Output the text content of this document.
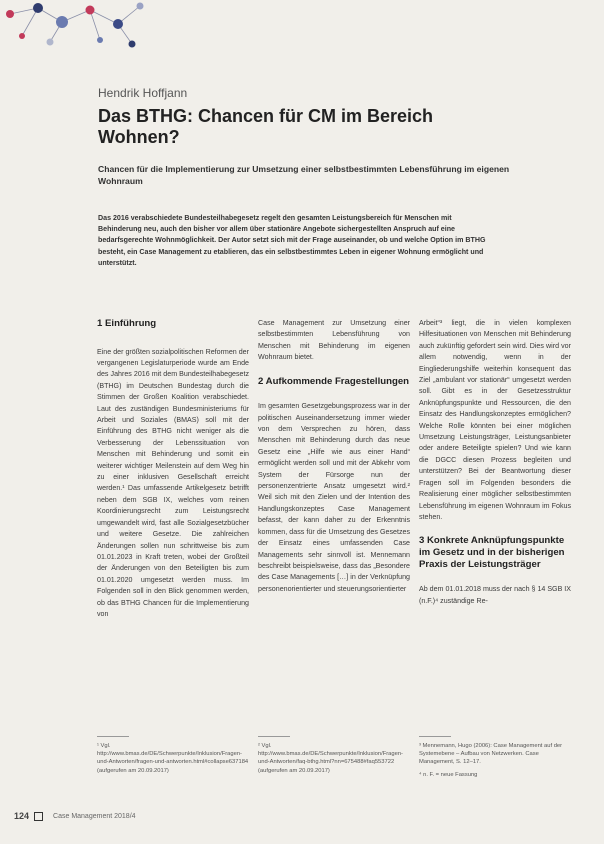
Hendrik Hoffjann
Das BTHG: Chancen für CM im Bereich Wohnen?

Chancen für die Implementierung zur Umsetzung einer selbstbestimmten Lebensführung im eigenen Wohnraum

Das 2016 verabschiedete Bundesteilhabegesetz regelt den gesamten Leistungsbereich für Menschen mit Behinderung neu, auch den bisher vor allem über stationäre Angebote sichergestellten Anspruch auf eine bedarfsgerechte Wohnmöglichkeit. Der Autor setzt sich mit der Frage auseinander, ob und welche Option im BTHG besteht, ein Case Management zu etablieren, das ein selbstbestimmtes Leben in eigener Wohnung ermöglicht und unterstützt.

1 Einführung

Eine der größten sozialpolitischen Reformen der vergangenen Legislaturperiode wurde am Ende des Jahres 2016 mit dem Bundesteilhabegesetz (BTHG) im Deutschen Bundestag durch die Stimmen der Großen Koalition verabschiedet. Laut des zuständigen Bundesministeriums für Arbeit und Soziales (BMAS) soll mit der Einführung des BTHG nicht weniger als die Verbesserung der Lebenssituation von Menschen mit Behinderung und somit ein weiterer wichtiger Meilenstein auf dem Weg hin zu einer inklusiven Gesellschaft erreicht werden.¹ Das umfassende Artikelgesetz betrifft neben dem SGB IX, welches vom reinen Koordinierungsrecht zum Leistungsrecht umgewandelt wird, fast alle Sozialgesetzbücher und weitere Gesetze. Die zahlreichen Änderungen sollen nun schrittweise bis zum 01.01.2023 in Kraft treten, wobei der Großteil der Änderungen von den Beteiligten bis zum 01.01.2020 umgesetzt werden muss. Im Folgenden soll in den Blick genommen werden, ob das BTHG Chancen für die Implementierung von

Case Management zur Umsetzung einer selbstbestimmten Lebensführung von Menschen mit Behinderung im eigenen Wohnraum bietet.

2 Aufkommende Fragestellungen

Im gesamten Gesetzgebungsprozess war in der politischen Auseinandersetzung immer wieder von dem Versprechen zu hören, dass Menschen mit Behinderung durch das neue Gesetz eine „Hilfe wie aus einer Hand“ ermöglicht werden soll und mit der Abkehr vom System der Fürsorge nun der personenzentrierte Ansatz umgesetzt wird.² Weil sich mit den Zielen und der Intention des Handlungskonzeptes Case Management befasst, der kann daher zu der Erkenntnis kommen, dass für die Umsetzung des Gesetzes der Einsatz eines umfassenden Case Managements sehr sinnvoll ist. Mennemann beschreibt beispielsweise, dass das „Besondere des Case Managements […] in der Verknüpfung personenorientierter und steuerungsorientierter

Arbeit“³ liegt, die in vielen komplexen Hilfesituationen von Menschen mit Behinderung auch zukünftig gefordert sein wird. Dies wird vor allem notwendig, wenn in der Eingliederungshilfe weiterhin konsequent das Ziel „ambulant vor stationär“ umgesetzt werden soll. Gibt es in der Gesetzesstruktur Anknüpfungspunkte und Ressourcen, die den Einsatz des Handlungskonzeptes ermöglichen? Welche Rolle könnten bei einer möglichen Umsetzung Leistungsträger, Leistungsanbieter oder andere Beteiligte spielen? Und wie kann die DGCC diesen Prozess begleiten und unterstützen? Bei der Beantwortung dieser Fragen soll im Folgenden besonders die Realisierung einer möglicher selbstbestimmten Lebensführung im eigenen Wohnraum im Fokus stehen.

3 Konkrete Anknüpfungspunkte im Gesetz und in der bisherigen Praxis der Leistungsträger

Ab dem 01.01.2018 muss der nach § 14 SGB IX (n.F.)⁴ zuständige Re-

¹ Vgl. http://www.bmas.de/DE/Schwerpunkte/Inklusion/Fragen-und-Antworten/fragen-und-antworten.html#collapse637184 (aufgerufen am 20.09.2017)

² Vgl. http://www.bmas.de/DE/Schwerpunkte/Inklusion/Fragen-und-Antworten/faq-bthg.html?nn=675488#faq553722 (aufgerufen am 20.09.2017)

³ Mennemann, Hugo (2006): Case Management auf der Systemebene – Aufbau von Netzwerken. Case Management, S. 12–17.

⁴ n. F. = neue Fassung

124	Case Management 2018/4
